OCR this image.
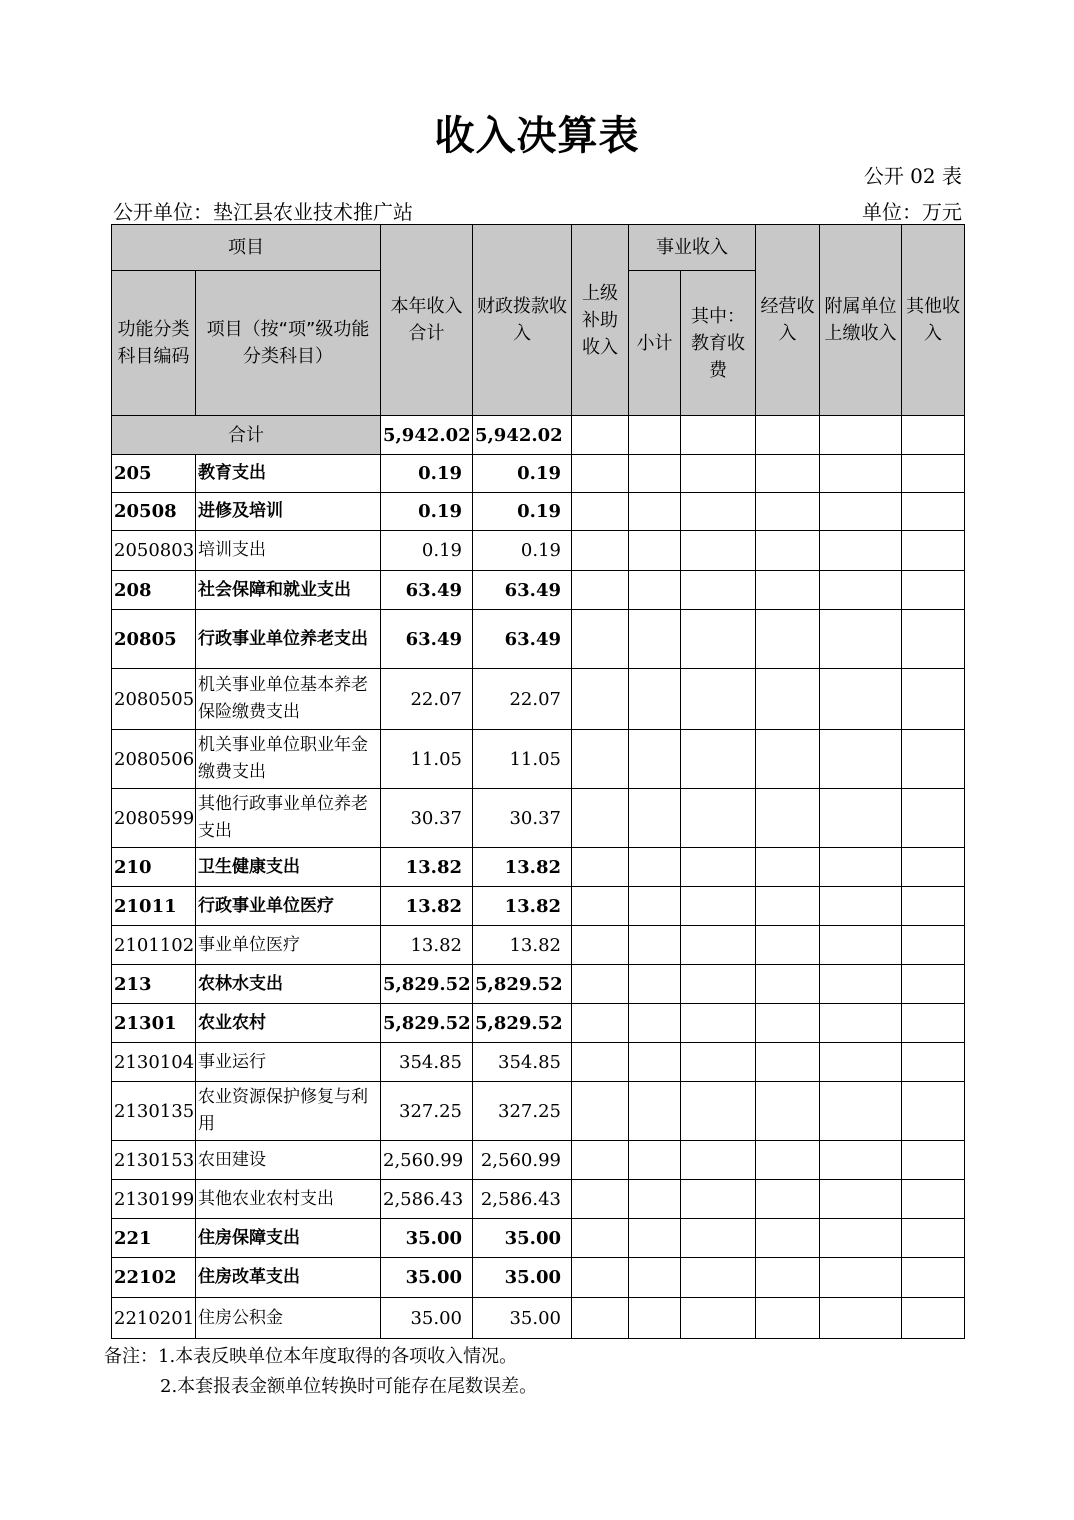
收入决算表
公开 02 表
公开单位：垫江县农业技术推广站	单位：万元
项目		本年收入合计	财政拨款收入	上级补助收入	事业收入		经营收入	附属单位上缴收入	其他收入
功能分类科目编码	项目（按“项”级功能分类科目）				小计	其中：教育收费			
合计		5,942.02	5,942.02						
205	教育支出	0.19	0.19						
20508	进修及培训	0.19	0.19						
2050803	培训支出	0.19	0.19						
208	社会保障和就业支出	63.49	63.49						
20805	行政事业单位养老支出	63.49	63.49						
2080505	机关事业单位基本养老保险缴费支出	22.07	22.07						
2080506	机关事业单位职业年金缴费支出	11.05	11.05						
2080599	其他行政事业单位养老支出	30.37	30.37						
210	卫生健康支出	13.82	13.82						
21011	行政事业单位医疗	13.82	13.82						
2101102	事业单位医疗	13.82	13.82						
213	农林水支出	5,829.52	5,829.52						
21301	农业农村	5,829.52	5,829.52						
2130104	事业运行	354.85	354.85						
2130135	农业资源保护修复与利用	327.25	327.25						
2130153	农田建设	2,560.99	2,560.99						
2130199	其他农业农村支出	2,586.43	2,586.43						
221	住房保障支出	35.00	35.00						
22102	住房改革支出	35.00	35.00						
2210201	住房公积金	35.00	35.00						
备注：1.本表反映单位本年度取得的各项收入情况。
2.本套报表金额单位转换时可能存在尾数误差。
